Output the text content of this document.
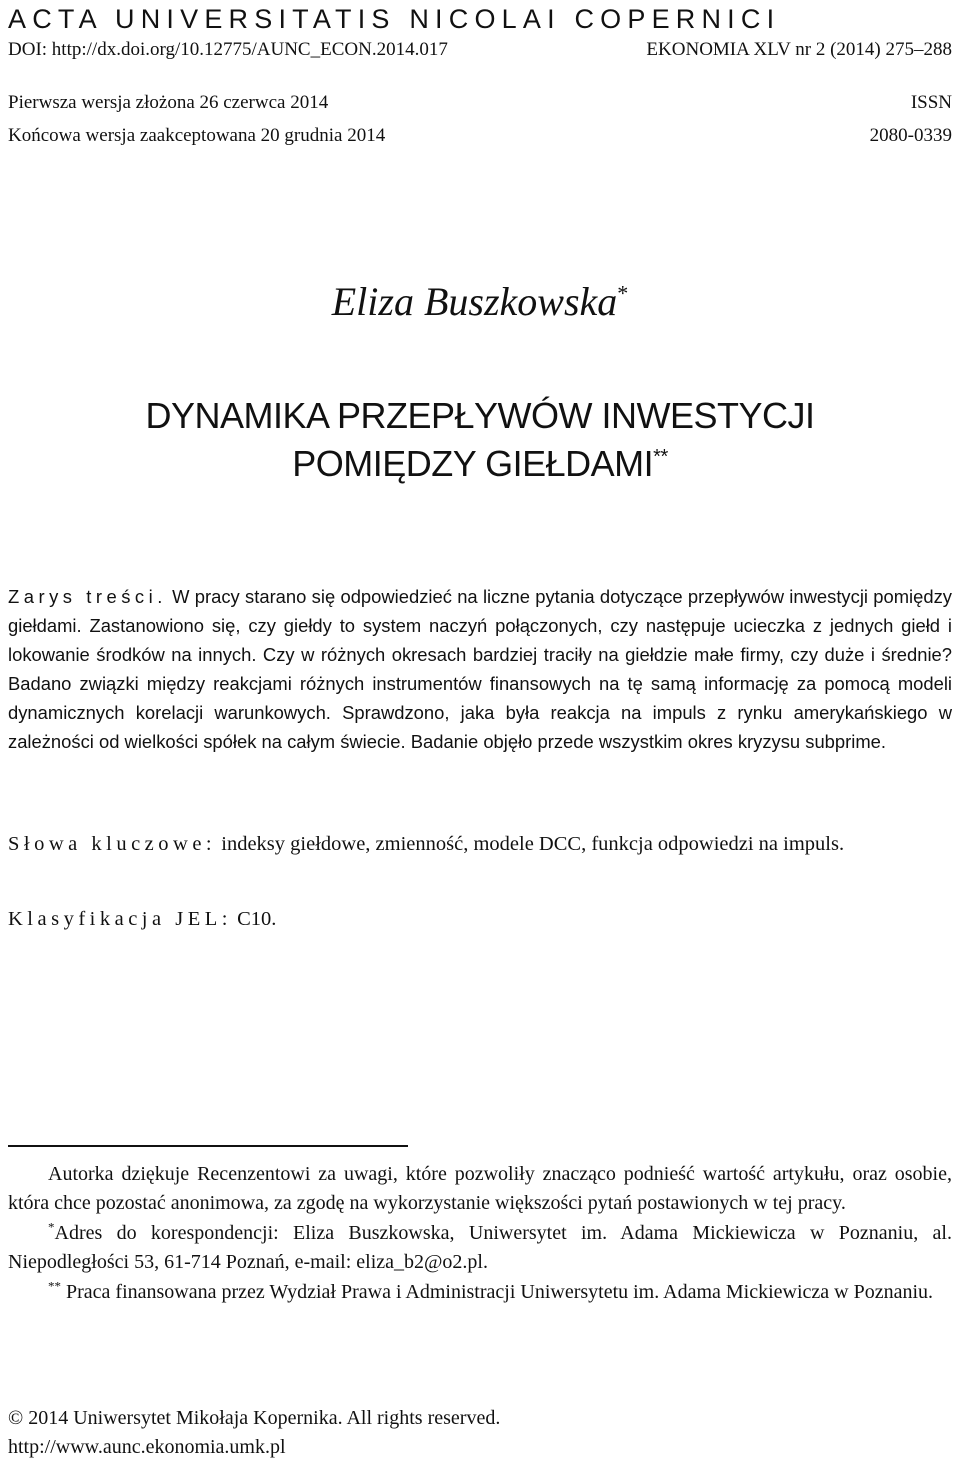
ACTA UNIVERSITATIS NICOLAI COPERNICI
DOI: http://dx.doi.org/10.12775/AUNC_ECON.2014.017	EKONOMIA XLV nr 2 (2014) 275–288
Pierwsza wersja złożona 26 czerwca 2014	ISSN
Końcowa wersja zaakceptowana 20 grudnia 2014	2080-0339
Eliza Buszkowska*
DYNAMIKA PRZEPŁYWÓW INWESTYCJI
POMIĘDZY GIEŁDAMI**
Zarys treści. W pracy starano się odpowiedzieć na liczne pytania dotyczące przepływów inwestycji pomiędzy giełdami. Zastanowiono się, czy giełdy to system naczyń połączonych, czy następuje ucieczka z jednych giełd i lokowanie środków na innych. Czy w różnych okresach bardziej traciły na giełdzie małe firmy, czy duże i średnie? Badano związki między reakcjami różnych instrumentów finansowych na tę samą informację za pomocą modeli dynamicznych korelacji warunkowych. Sprawdzono, jaka była reakcja na impuls z rynku amerykańskiego w zależności od wielkości spółek na całym świecie. Badanie objęło przede wszystkim okres kryzysu subprime.
Słowa kluczowe: indeksy giełdowe, zmienność, modele DCC, funkcja odpowiedzi na impuls.
Klasyfikacja JEL: C10.

Autorka dziękuje Recenzentowi za uwagi, które pozwoliły znacząco podnieść wartość artykułu, oraz osobie, która chce pozostać anonimowa, za zgodę na wykorzystanie większości pytań postawionych w tej pracy.

*Adres do korespondencji: Eliza Buszkowska, Uniwersytet im. Adama Mickiewicza w Poznaniu, al. Niepodległości 53, 61-714 Poznań, e-mail: eliza_b2@o2.pl.

** Praca finansowana przez Wydział Prawa i Administracji Uniwersytetu im. Adama Mickiewicza w Poznaniu.

© 2014 Uniwersytet Mikołaja Kopernika. All rights reserved.
http://www.aunc.ekonomia.umk.pl
